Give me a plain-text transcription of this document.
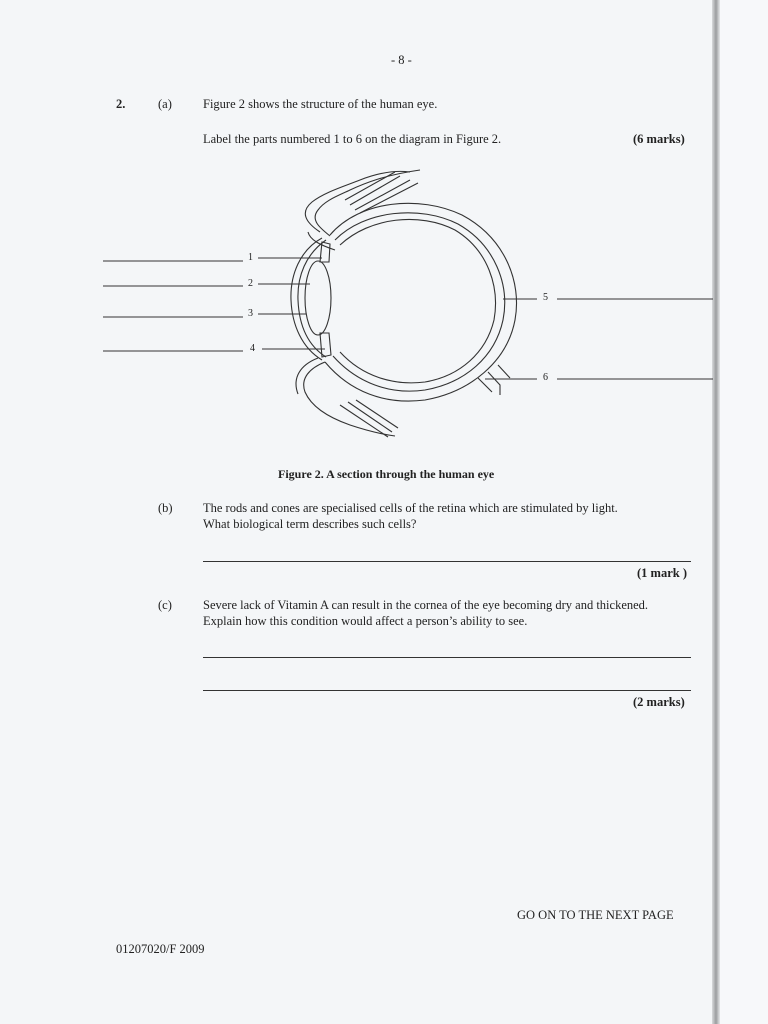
- 8 -
2.	(a) Figure 2 shows the structure of the human eye.
Label the parts numbered 1 to 6 on the diagram in Figure 2.	(6 marks)
1
2
3
4
5
6
Figure 2. A section through the human eye
(b) The rods and cones are specialised cells of the retina which are stimulated by light.
What biological term describes such cells?
(1 mark )
(c) Severe lack of Vitamin A can result in the cornea of the eye becoming dry and thickened.
Explain how this condition would affect a person’s ability to see.
(2 marks)
GO ON TO THE NEXT PAGE
01207020/F 2009
